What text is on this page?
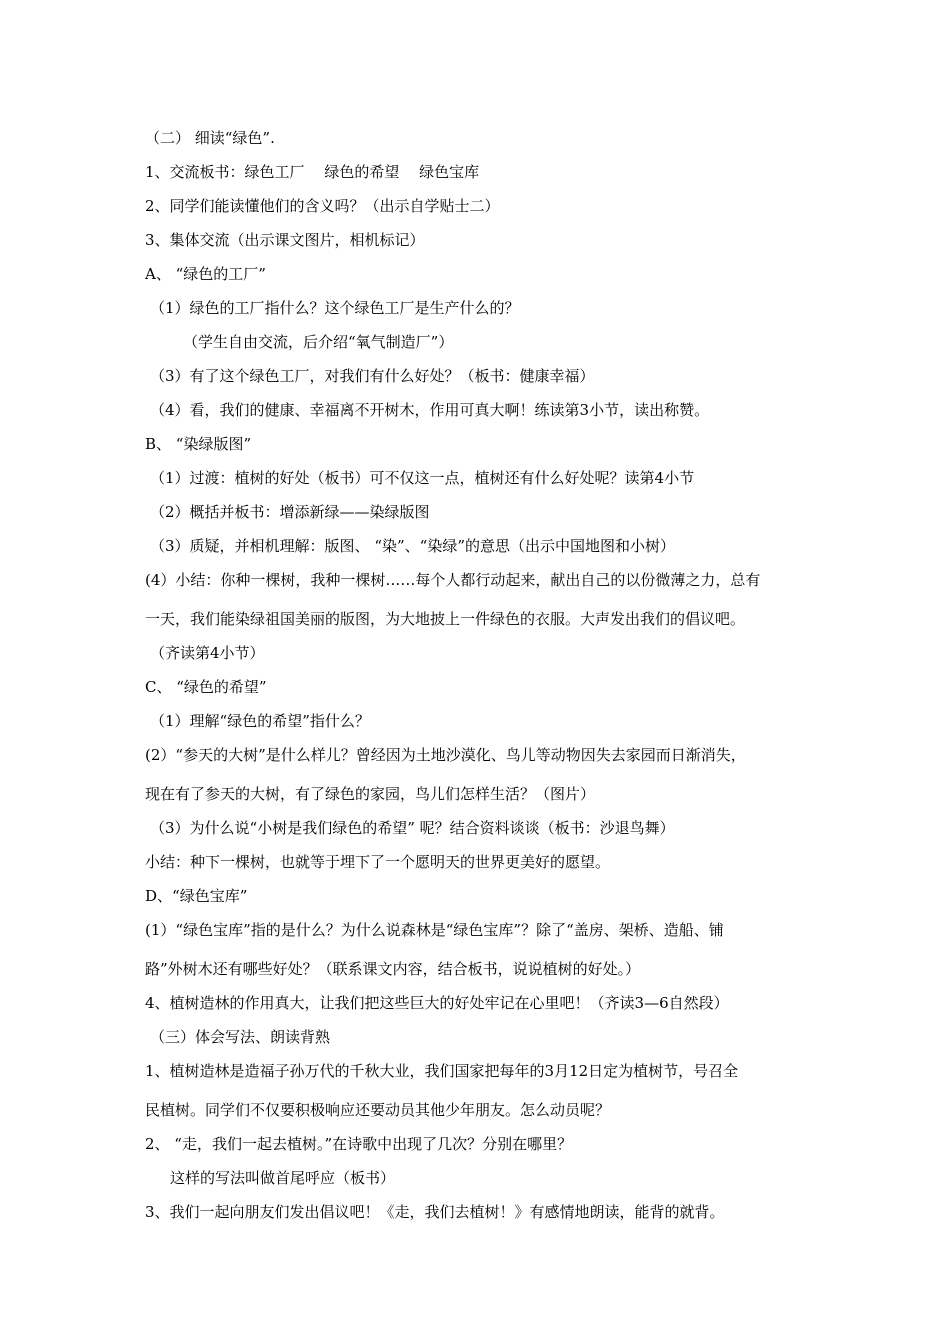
（二） 细读“绿色”.
1、交流板书：绿色工厂 　绿色的希望 　绿色宝库
2、同学们能读懂他们的含义吗？（出示自学贴士二）
3、集体交流（出示课文图片，相机标记）
A、 “绿色的工厂”
（1）绿色的工厂指什么？这个绿色工厂是生产什么的？
（学生自由交流，后介绍“氧气制造厂”）
（3）有了这个绿色工厂，对我们有什么好处？（板书：健康幸福）
（4）看，我们的健康、幸福离不开树木，作用可真大啊！练读第3小节，读出称赞。
B、 “染绿版图”
（1）过渡：植树的好处（板书）可不仅这一点，植树还有什么好处呢？读第4小节
（2）概括并板书：增添新绿——染绿版图
（3）质疑，并相机理解：版图、 “染”、“染绿”的意思（出示中国地图和小树）
(4）小结：你种一棵树，我种一棵树……每个人都行动起来，献出自己的以份微薄之力，总有
一天，我们能染绿祖国美丽的版图，为大地披上一件绿色的衣服。大声发出我们的倡议吧。
（齐读第4小节）
C、 “绿色的希望”
（1）理解“绿色的希望”指什么？
(2）“参天的大树”是什么样儿？曾经因为土地沙漠化、鸟儿等动物因失去家园而日渐消失，
现在有了参天的大树，有了绿色的家园，鸟儿们怎样生活？（图片）
（3）为什么说“小树是我们绿色的希望” 呢？结合资料谈谈（板书：沙退鸟舞）
小结：种下一棵树，也就等于埋下了一个愿明天的世界更美好的愿望。
D、“绿色宝库”
(1）“绿色宝库”指的是什么？为什么说森林是“绿色宝库”？除了“盖房、架桥、造船、铺
路”外树木还有哪些好处？（联系课文内容，结合板书，说说植树的好处。）
4、植树造林的作用真大，让我们把这些巨大的好处牢记在心里吧！（齐读3—6自然段）
（三）体会写法、朗读背熟
1、植树造林是造福子孙万代的千秋大业，我们国家把每年的3月12日定为植树节，号召全
民植树。同学们不仅要积极响应还要动员其他少年朋友。怎么动员呢？
2、 “走，我们一起去植树。”在诗歌中出现了几次？分别在哪里？
这样的写法叫做首尾呼应（板书）
3、我们一起向朋友们发出倡议吧！《走，我们去植树！》有感情地朗读，能背的就背。
